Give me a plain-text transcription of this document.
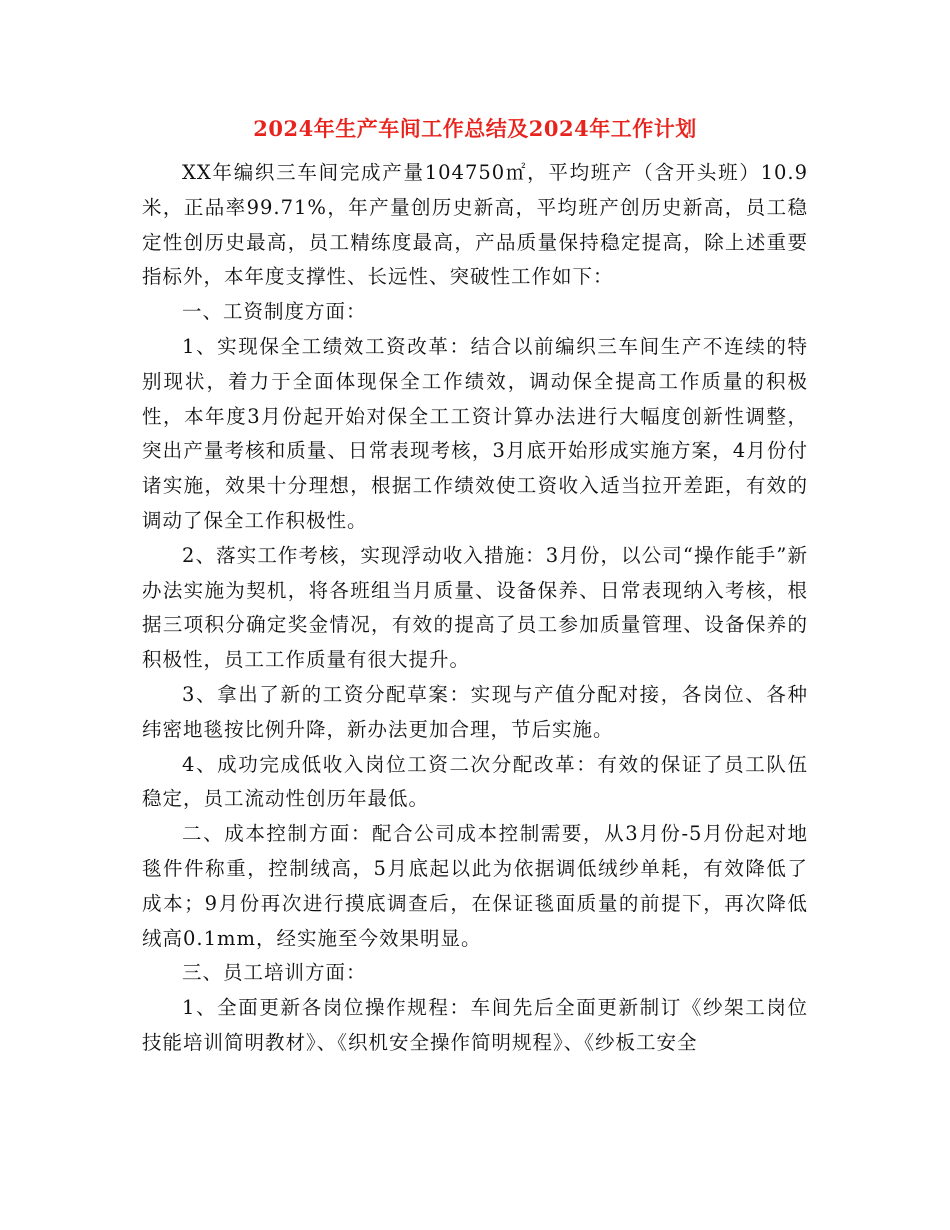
2024年生产车间工作总结及2024年工作计划

XX年编织三车间完成产量104750㎡，平均班产（含开头班）10.9米，正品率99.71%，年产量创历史新高，平均班产创历史新高，员工稳定性创历史最高，员工精练度最高，产品质量保持稳定提高，除上述重要指标外，本年度支撑性、长远性、突破性工作如下：

一、工资制度方面：

1、实现保全工绩效工资改革：结合以前编织三车间生产不连续的特别现状，着力于全面体现保全工作绩效，调动保全提高工作质量的积极性，本年度3月份起开始对保全工工资计算办法进行大幅度创新性调整，突出产量考核和质量、日常表现考核，3月底开始形成实施方案，4月份付诸实施，效果十分理想，根据工作绩效使工资收入适当拉开差距，有效的调动了保全工作积极性。

2、落实工作考核，实现浮动收入措施：3月份，以公司“操作能手”新办法实施为契机，将各班组当月质量、设备保养、日常表现纳入考核，根据三项积分确定奖金情况，有效的提高了员工参加质量管理、设备保养的积极性，员工工作质量有很大提升。

3、拿出了新的工资分配草案：实现与产值分配对接，各岗位、各种纬密地毯按比例升降，新办法更加合理，节后实施。

4、成功完成低收入岗位工资二次分配改革：有效的保证了员工队伍稳定，员工流动性创历年最低。

二、成本控制方面：配合公司成本控制需要，从3月份-5月份起对地毯件件称重，控制绒高，5月底起以此为依据调低绒纱单耗，有效降低了成本；9月份再次进行摸底调查后，在保证毯面质量的前提下，再次降低绒高0.1mm，经实施至今效果明显。

三、员工培训方面：

1、全面更新各岗位操作规程：车间先后全面更新制订《纱架工岗位技能培训简明教材》、《织机安全操作简明规程》、《纱板工安全
